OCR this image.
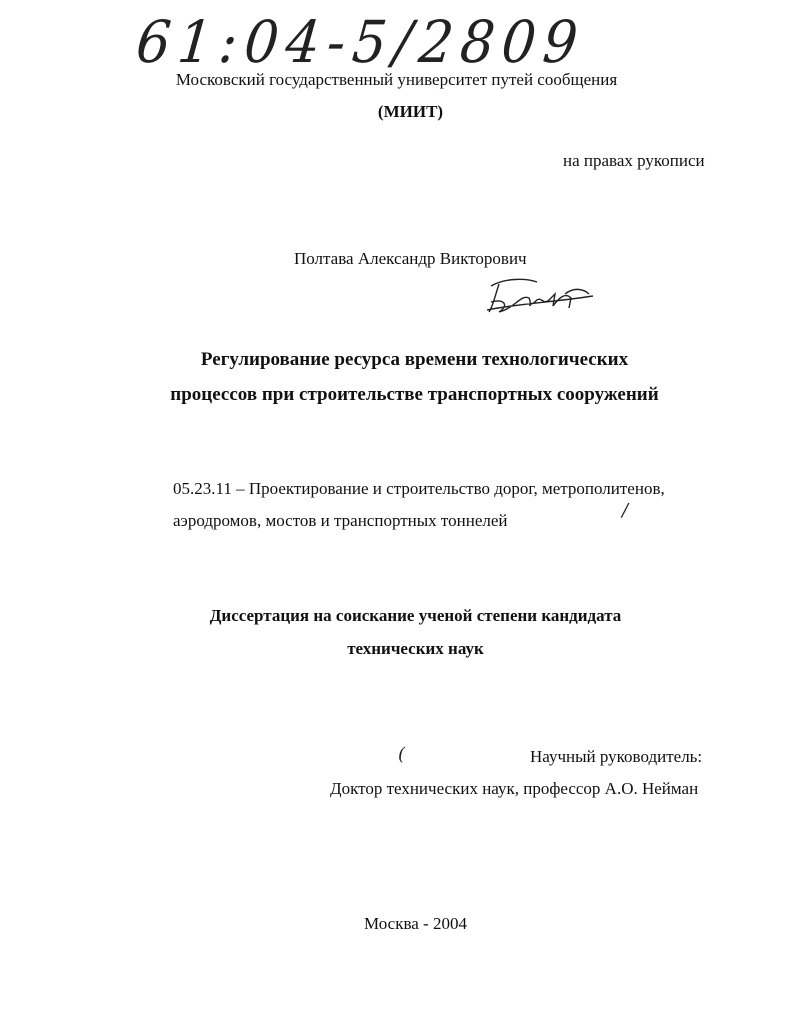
61:04-5/2809
Московский государственный университет путей сообщения
(МИИТ)
на правах рукописи
Полтава Александр Викторович
Регулирование ресурса времени технологических
процессов при строительстве транспортных сооружений
05.23.11 – Проектирование и строительство дорог, метрополитенов,
аэродромов, мостов и транспортных тоннелей	/
Диссертация на соискание ученой степени кандидата
технических наук
(	Научный руководитель:
Доктор технических наук, профессор А.О. Нейман
Москва - 2004
